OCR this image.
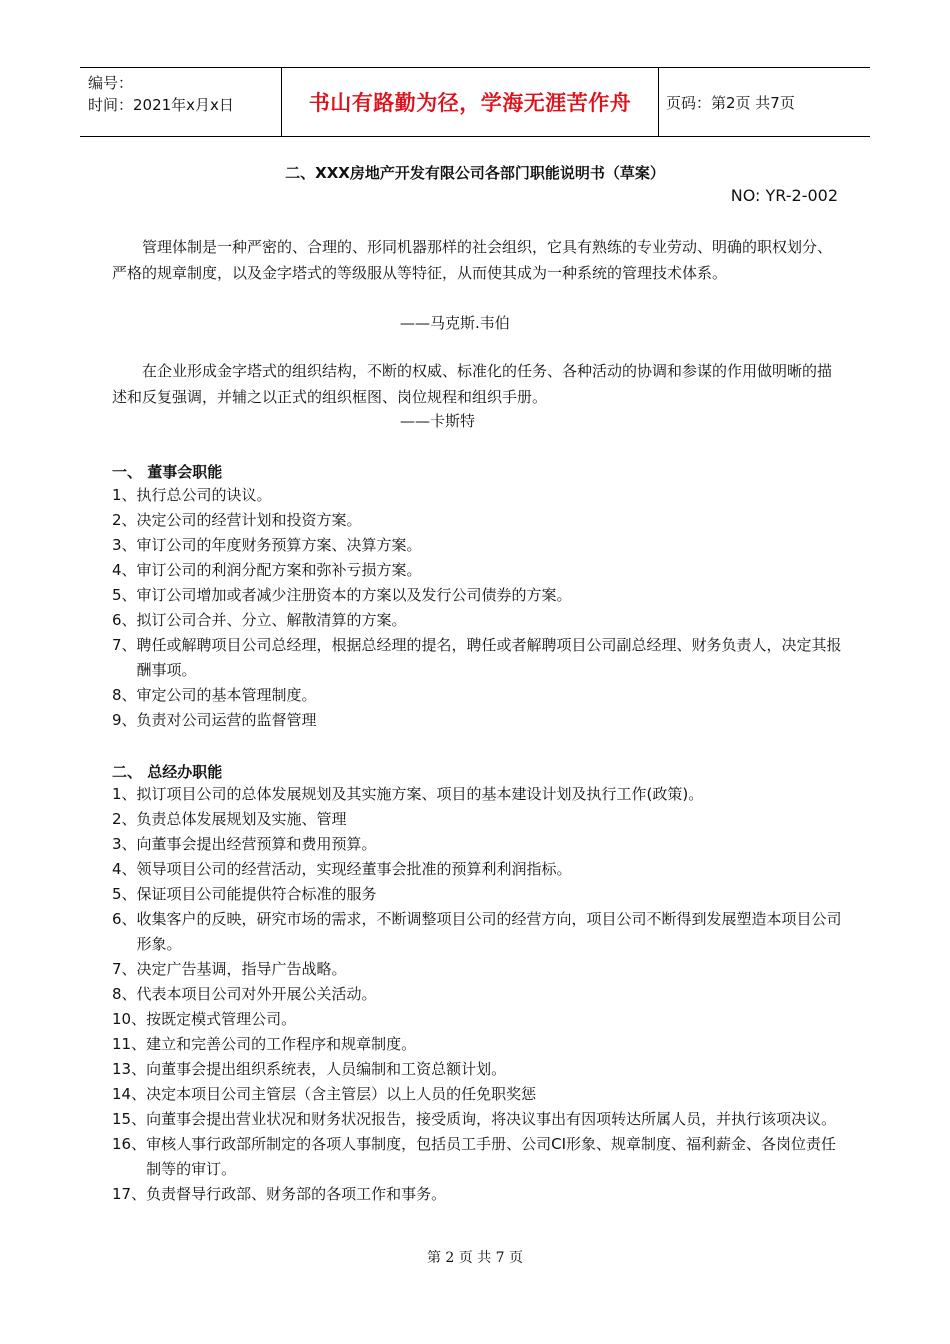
编号：
时间：2021年x月x日	书山有路勤为径，学海无涯苦作舟	页码：第2页 共7页
二、XXX房地产开发有限公司各部门职能说明书（草案）
NO: YR-2-002

管理体制是一种严密的、合理的、形同机器那样的社会组织，它具有熟练的专业劳动、明确的职权划分、严格的规章制度，以及金字塔式的等级服从等特征，从而使其成为一种系统的管理技术体系。

——马克斯.韦伯

在企业形成金字塔式的组织结构，不断的权威、标准化的任务、各种活动的协调和参谋的作用做明晰的描述和反复强调，并辅之以正式的组织框图、岗位规程和组织手册。

——卡斯特
一、 董事会职能
1、 执行总公司的诀议。
2、 决定公司的经营计划和投资方案。
3、 审订公司的年度财务预算方案、决算方案。
4、 审订公司的利润分配方案和弥补亏损方案。
5、 审订公司增加或者减少注册资本的方案以及发行公司债券的方案。
6、 拟订公司合并、分立、解散清算的方案。
7、 聘任或解聘项目公司总经理，根据总经理的提名，聘任或者解聘项目公司副总经理、财务负责人，决定其报酬事项。
8、 审定公司的基本管理制度。
9、 负责对公司运营的监督管理
二、 总经办职能
1、 拟订项目公司的总体发展规划及其实施方案、项目的基本建设计划及执行工作(政策)。
2、 负责总体发展规划及实施、管理
3、 向董事会提出经营预算和费用预算。
4、 领导项目公司的经营活动，实现经董事会批准的预算利利润指标。
5、 保证项目公司能提供符合标准的服务
6、 收集客户的反映，研究市场的需求，不断调整项目公司的经营方向，项目公司不断得到发展塑造本项目公司形象。
7、 决定广告基调，指导广告战略。
8、 代表本项目公司对外开展公关活动。
10、 按既定模式管理公司。
11、 建立和完善公司的工作程序和规章制度。
13、 向董事会提出组织系统表，人员编制和工资总额计划。
14、 决定本项目公司主管层（含主管层）以上人员的任免职奖惩
15、 向董事会提出营业状况和财务状况报告，接受质询，将决议事出有因项转达所属人员，并执行该项决议。
16、 审核人事行政部所制定的各项人事制度，包括员工手册、公司CI形象、规章制度、福利薪金、各岗位责任制等的审订。
17、 负责督导行政部、财务部的各项工作和事务。
第 2 页 共 7 页
